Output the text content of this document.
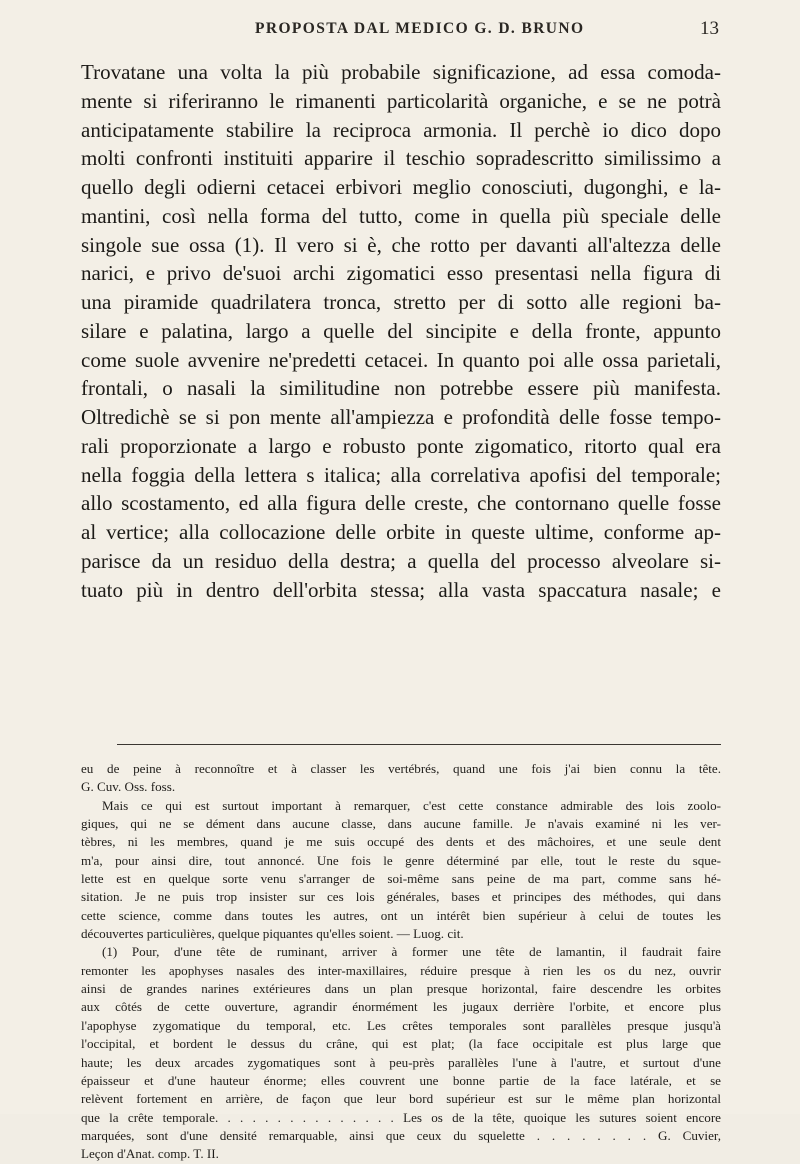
PROPOSTA DAL MEDICO G. D. BRUNO	13
Trovatane una volta la più probabile significazione, ad essa comoda-
mente si riferiranno le rimanenti particolarità organiche, e se ne potrà
anticipatamente stabilire la reciproca armonia. Il perchè io dico dopo
molti confronti instituiti apparire il teschio sopradescritto similissimo a
quello degli odierni cetacei erbivori meglio conosciuti, dugonghi, e la-
mantini, così nella forma del tutto, come in quella più speciale delle
singole sue ossa (1). Il vero si è, che rotto per davanti all'altezza delle
narici, e privo de'suoi archi zigomatici esso presentasi nella figura di
una piramide quadrilatera tronca, stretto per di sotto alle regioni ba-
silare e palatina, largo a quelle del sincipite e della fronte, appunto
come suole avvenire ne'predetti cetacei. In quanto poi alle ossa parietali,
frontali, o nasali la similitudine non potrebbe essere più manifesta.
Oltredichè se si pon mente all'ampiezza e profondità delle fosse tempo-
rali proporzionate a largo e robusto ponte zigomatico, ritorto qual era
nella foggia della lettera s italica; alla correlativa apofisi del temporale;
allo scostamento, ed alla figura delle creste, che contornano quelle fosse
al vertice; alla collocazione delle orbite in queste ultime, conforme ap-
parisce da un residuo della destra; a quella del processo alveolare si-
tuato più in dentro dell'orbita stessa; alla vasta spaccatura nasale; e
eu de peine à reconnoître et à classer les vertébrés, quand une fois j'ai bien connu la tête.
G. Cuv. Oss. foss.
Mais ce qui est surtout important à remarquer, c'est cette constance admirable des lois zoolo-
giques, qui ne se dément dans aucune classe, dans aucune famille. Je n'avais examiné ni les ver-
tèbres, ni les membres, quand je me suis occupé des dents et des mâchoires, et une seule dent
m'a, pour ainsi dire, tout annoncé. Une fois le genre déterminé par elle, tout le reste du sque-
lette est en quelque sorte venu s'arranger de soi-même sans peine de ma part, comme sans hé-
sitation. Je ne puis trop insister sur ces lois générales, bases et principes des méthodes, qui dans
cette science, comme dans toutes les autres, ont un intérêt bien supérieur à celui de toutes les
découvertes particulières, quelque piquantes qu'elles soient. — Luog. cit.
(1) Pour, d'une tête de ruminant, arriver à former une tête de lamantin, il faudrait faire
remonter les apophyses nasales des inter-maxillaires, réduire presque à rien les os du nez, ouvrir
ainsi de grandes narines extérieures dans un plan presque horizontal, faire descendre les orbites
aux côtés de cette ouverture, agrandir énormément les jugaux derrière l'orbite, et encore plus
l'apophyse zygomatique du temporal, etc. Les crêtes temporales sont parallèles presque jusqu'à
l'occipital, et bordent le dessus du crâne, qui est plat; (la face occipitale est plus large que
haute; les deux arcades zygomatiques sont à peu-près parallèles l'une à l'autre, et surtout d'une
épaisseur et d'une hauteur énorme; elles couvrent une bonne partie de la face latérale, et se
relèvent fortement en arrière, de façon que leur bord supérieur est sur le même plan horizontal
que la crête temporale. . . . . . . . . . . . . . . Les os de la tête, quoique les sutures soient encore
marquées, sont d'une densité remarquable, ainsi que ceux du squelette . . . . . . . . G. Cuvier,
Leçon d'Anat. comp. T. II.
